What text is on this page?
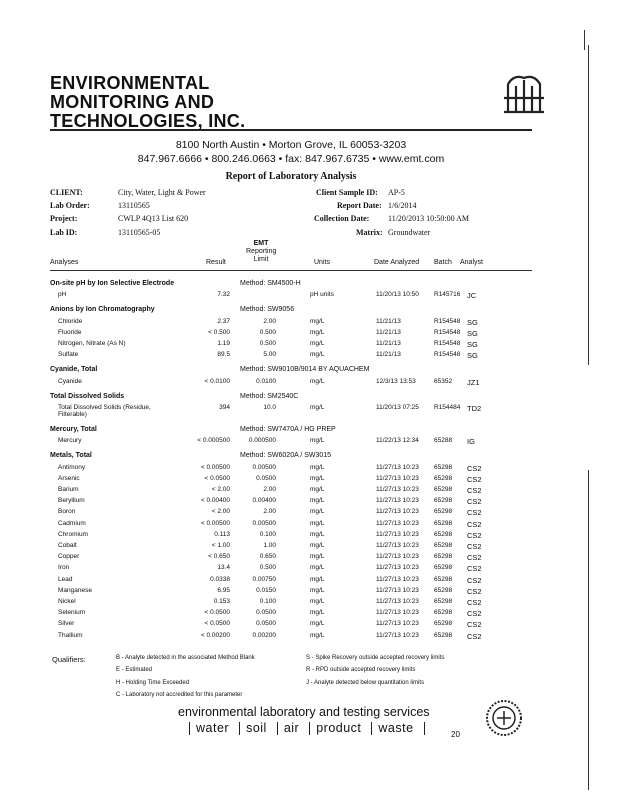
ENVIRONMENTAL
MONITORING AND
TECHNOLOGIES, INC.
8100 North Austin • Morton Grove, IL 60053-3203
847.967.6666 • 800.246.0663 • fax: 847.967.6735 • www.emt.com
Report of Laboratory Analysis
CLIENT:	City, Water, Light & Power	Client Sample ID: AP-5
Lab Order:	13110565	Report Date: 1/6/2014
Project:	CWLP 4Q13 List 620	Collection Date: 11/20/2013 10:50:00 AM
Lab ID:	13110565-05	Matrix: Groundwater
Analyses	Result
EMT
Reporting
Limit	Units	Date Analyzed Batch Analyst
On-site pH by Ion Selective Electrode	Method: SM4500-H
pH	7.32	pH units	11/20/13 10:50 R145716 JC
Anions by Ion Chromatography	Method: SW9056
Chloride	2.37	2.00	mg/L	11/21/13	R154548 SG
Fluoride	< 0.500	0.500	mg/L	11/21/13	R154548 SG
Nitrogen, Nitrate (As N)	1.19	0.500	mg/L	11/21/13	R154548 SG
Sulfate	89.5	5.00	mg/L	11/21/13	R154548 SG
Cyanide, Total	Method: SW9010B/9014 BY AQUACHEM
Cyanide	< 0.0100	0.0100	mg/L	12/3/13 13:53	65352 JZ1
Total Dissolved Solids	Method: SM2540C
Total Dissolved Solids (Residue, Filterable)
394	10.0	mg/L	11/20/13 07:25 R154484 TD2
Mercury, Total	Method: SW7470A / HG PREP
Mercury	< 0.000500	0.000500	mg/L	11/22/13 12:34 65288 IG
Metals, Total	Method: SW6020A / SW3015
Antimony	< 0.00500	0.00500	mg/L	11/27/13 10:23 65298 CS2
Arsenic	< 0.0500	0.0500	mg/L	11/27/13 10:23 65298 CS2
Barium	< 2.00	2.00	mg/L	11/27/13 10:23 65298 CS2
Beryllium	< 0.00400	0.00400	mg/L	11/27/13 10:23 65298 CS2
Boron	< 2.00	2.00	mg/L	11/27/13 10:23 65298 CS2
Cadmium	< 0.00500	0.00500	mg/L	11/27/13 10:23 65298 CS2
Chromium	0.113	0.100	mg/L	11/27/13 10:23 65298 CS2
Cobalt	< 1.00	1.00	mg/L	11/27/13 10:23 65298 CS2
Copper	< 0.650	0.650	mg/L	11/27/13 10:23 65298 CS2
Iron	13.4	0.500	mg/L	11/27/13 10:23 65298 CS2
Lead	0.0338	0.00750	mg/L	11/27/13 10:23 65298 CS2
Manganese	6.95	0.0150	mg/L	11/27/13 10:23 65298 CS2
Nickel	0.153	0.100	mg/L	11/27/13 10:23 65298 CS2
Selenium	< 0.0500	0.0500	mg/L	11/27/13 10:23 65298 CS2
Silver	< 0.0500	0.0500	mg/L	11/27/13 10:23 65298 CS2
Thallium	< 0.00200	0.00200	mg/L	11/27/13 10:23 65298 CS2
Qualifiers:	B - Analyte detected in the associated Method Blank
E - Estimated
H - Holding Time Exceeded
C - Laboratory not accredited for this parameter
S - Spike Recovery outside accepted recovery limits
R - RPD outside accepted recovery limits
J - Analyte detected below quantitation limits
environmental laboratory and testing services
water soil air product waste	20
